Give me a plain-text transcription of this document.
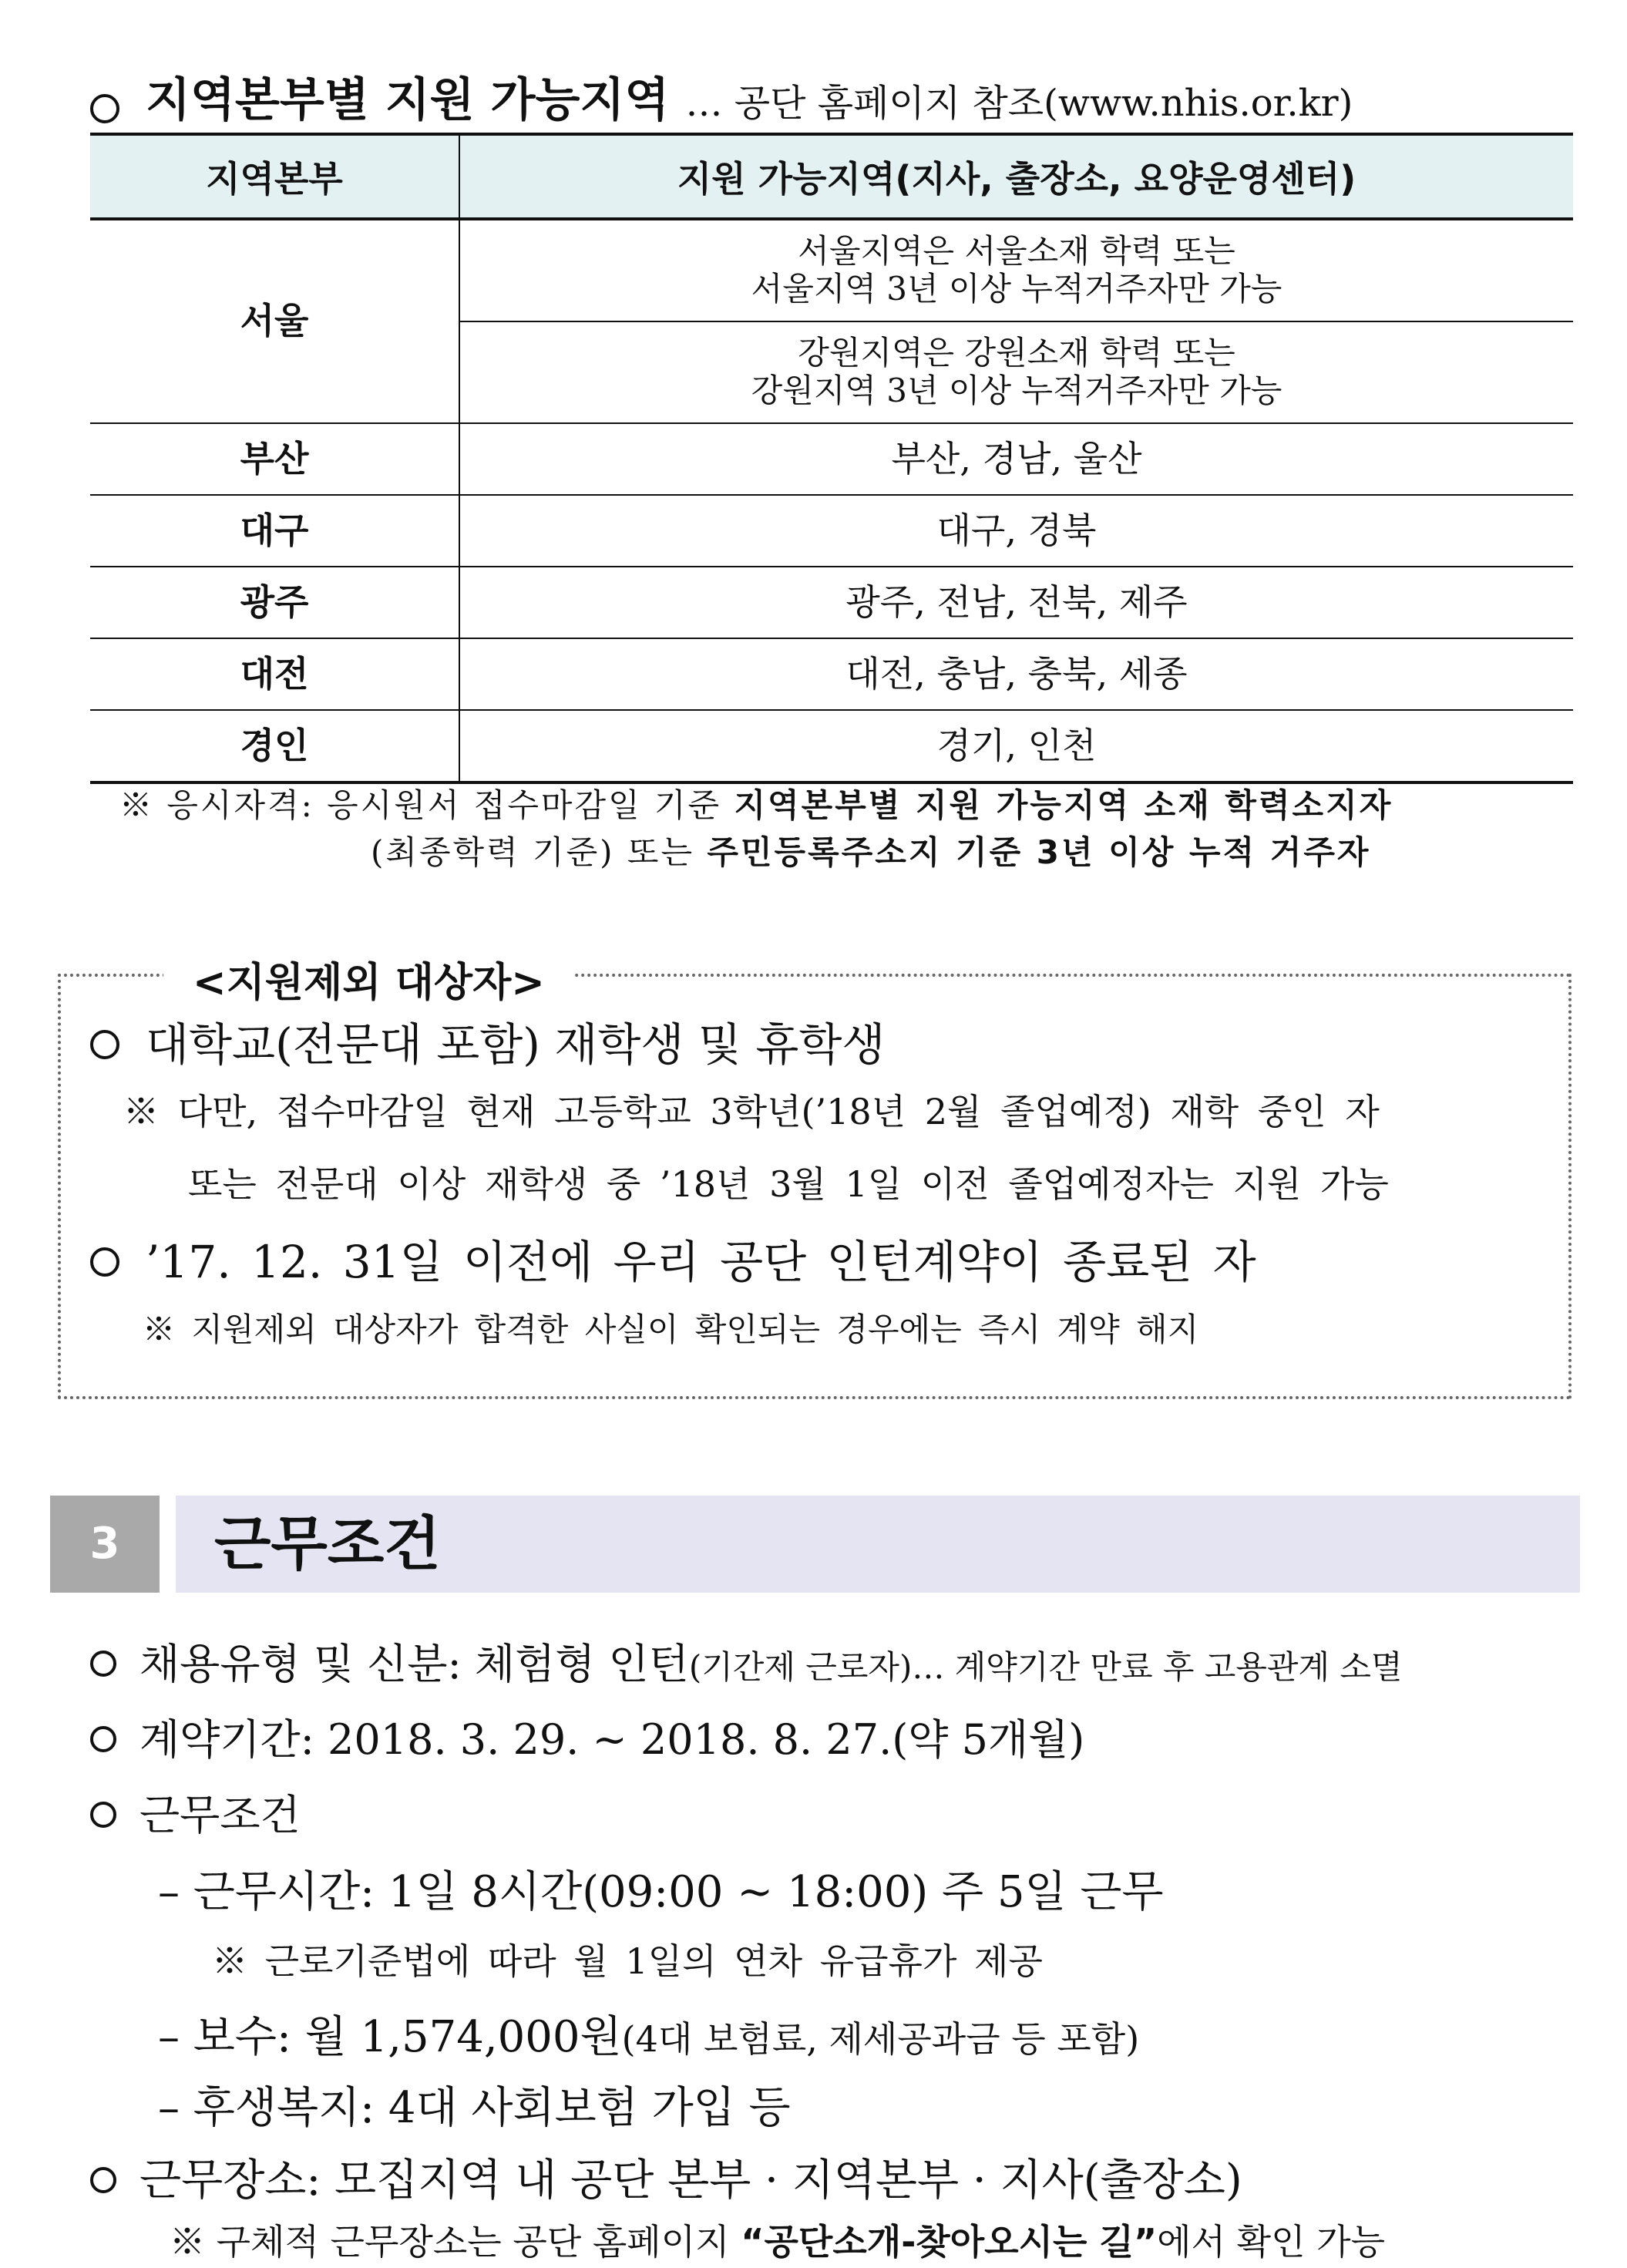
지역본부별 지원 가능지역 … 공단 홈페이지 참조(www.nhis.or.kr)
지역본부	지원 가능지역(지사, 출장소, 요양운영센터)
서울	서울지역은 서울소재 학력 또는
서울지역 3년 이상 누적거주자만 가능

	강원지역은 강원소재 학력 또는
강원지역 3년 이상 누적거주자만 가능

부산	부산, 경남, 울산
대구	대구, 경북
광주	광주, 전남, 전북, 제주
대전	대전, 충남, 충북, 세종
경인	경기, 인천
※ 응시자격: 응시원서 접수마감일 기준 지역본부별 지원 가능지역 소재 학력소지자
(최종학력 기준) 또는 주민등록주소지 기준 3년 이상 누적 거주자
<지원제외 대상자>
대학교(전문대 포함) 재학생 및 휴학생
※ 다만, 접수마감일 현재 고등학교 3학년(’18년 2월 졸업예정) 재학 중인 자
또는 전문대 이상 재학생 중 ’18년 3월 1일 이전 졸업예정자는 지원 가능
’17. 12. 31일 이전에 우리 공단 인턴계약이 종료된 자
※ 지원제외 대상자가 합격한 사실이 확인되는 경우에는 즉시 계약 해지
3	근무조건
채용유형 및 신분: 체험형 인턴(기간제 근로자)… 계약기간 만료 후 고용관계 소멸
계약기간: 2018. 3. 29. ~ 2018. 8. 27.(약 5개월)
근무조건
– 근무시간: 1일 8시간(09:00 ~ 18:00) 주 5일 근무
※ 근로기준법에 따라 월 1일의 연차 유급휴가 제공
– 보수: 월 1,574,000원(4대 보험료, 제세공과금 등 포함)
– 후생복지: 4대 사회보험 가입 등
근무장소: 모집지역 내 공단 본부 · 지역본부 · 지사(출장소)
※ 구체적 근무장소는 공단 홈페이지 “공단소개-찾아오시는 길”에서 확인 가능
